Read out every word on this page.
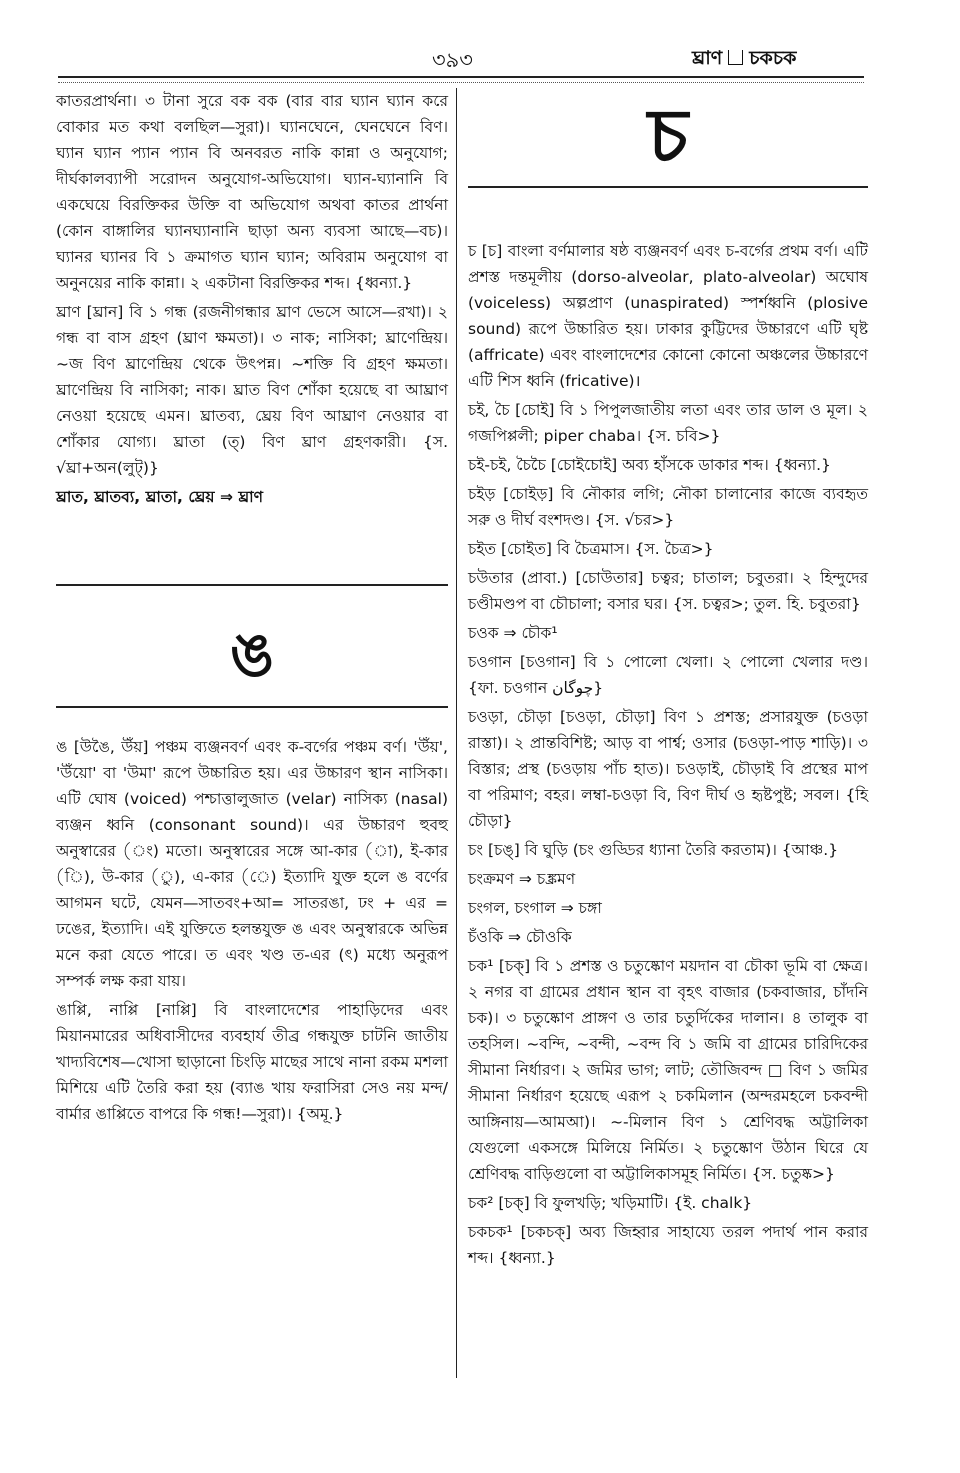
৩৯৩	ঘ্রাণ চকচক

কাতরপ্রার্থনা। ৩ টানা সুরে বক বক (বার বার ঘ্যান ঘ্যান করে বোকার মত কথা বলছিল—সুরা)। ঘ্যানঘেনে, ঘেনঘেনে বিণ। ঘ্যান ঘ্যান প্যান প্যান বি অনবরত নাকি কান্না ও অনুযোগ; দীর্ঘকালব্যাপী সরোদন অনুযোগ-অভিযোগ। ঘ্যান-ঘ্যানানি বি একঘেয়ে বিরক্তিকর উক্তি বা অভিযোগ অথবা কাতর প্রার্থনা (কোন বাঙ্গালির ঘ্যানঘ্যানানি ছাড়া অন্য ব্যবসা আছে—বচ)। ঘ্যানর ঘ্যানর বি ১ ক্রমাগত ঘ্যান ঘ্যান; অবিরাম অনুযোগ বা অনুনয়ের নাকি কান্না। ২ একটানা বিরক্তিকর শব্দ। {ধ্বন্যা.}

ঘ্রাণ [ঘ্রান] বি ১ গন্ধ (রজনীগন্ধার ঘ্রাণ ভেসে আসে—রখা)। ২ গন্ধ বা বাস গ্রহণ (ঘ্রাণ ক্ষমতা)। ৩ নাক; নাসিকা; ঘ্রাণেন্দ্রিয়। ~জ বিণ ঘ্রাণেন্দ্রিয় থেকে উৎপন্ন। ~শক্তি বি গ্রহণ ক্ষমতা। ঘ্রাণেন্দ্রিয় বি নাসিকা; নাক। ঘ্রাত বিণ শোঁকা হয়েছে বা আঘ্রাণ নেওয়া হয়েছে এমন। ঘ্রাতব্য, ঘ্রেয় বিণ আঘ্রাণ নেওয়ার বা শোঁকার যোগ্য। ঘ্রাতা (ত্) বিণ ঘ্রাণ গ্রহণকারী। {স. √ঘ্রা+অন(লুট্)}

ঘ্রাত, ঘ্রাতব্য, ঘ্রাতা, ঘ্রেয় ⇒ ঘ্রাণ

ঙ

ঙ [উঙৈ, উঁয়] পঞ্চম ব্যঞ্জনবর্ণ এবং ক-বর্গের পঞ্চম বর্ণ। 'উঁয়', 'উঁয়ো' বা 'উমা' রূপে উচ্চারিত হয়। এর উচ্চারণ স্থান নাসিকা। এটি ঘোষ (voiced) পশ্চাত্তালুজাত (velar) নাসিক্য (nasal) ব্যঞ্জন ধ্বনি (consonant sound)। এর উচ্চারণ হুবহু অনুস্বারের (ং) মতো। অনুস্বারের সঙ্গে আ-কার (া), ই-কার (ি), উ-কার (ু), এ-কার (ে) ইত্যাদি যুক্ত হলে ঙ বর্ণের আগমন ঘটে, যেমন—সাতবং+আ= সাতরঙা, ঢং + এর = ঢঙের, ইত্যাদি। এই যুক্তিতে হলন্তযুক্ত ঙ এবং অনুস্বারকে অভিন্ন মনে করা যেতে পারে। ত এবং খণ্ড ত-এর (ৎ) মধ্যে অনুরূপ সম্পর্ক লক্ষ করা যায়।

ঙাপ্পি, নাপ্পি [নাপ্পি] বি বাংলাদেশের পাহাড়িদের এবং মিয়ানমারের অধিবাসীদের ব্যবহার্য তীব্র গন্ধযুক্ত চাটনি জাতীয় খাদ্যবিশেষ—খোসা ছাড়ানো চিংড়ি মাছের সাথে নানা রকম মশলা মিশিয়ে এটি তৈরি করা হয় (ব্যাঙ খায় ফরাসিরা সেও নয় মন্দ/ বার্মার ঙাপ্পিতে বাপরে কি গন্ধ!—সুরা)। {অমূ.}

চ

চ [চ] বাংলা বর্ণমালার ষষ্ঠ ব্যঞ্জনবর্ণ এবং চ-বর্গের প্রথম বর্ণ। এটি প্রশস্ত দন্তমূলীয় (dorso-alveolar, plato-alveolar) অঘোষ (voiceless) অল্পপ্রাণ (unaspirated) স্পর্শধ্বনি (plosive sound) রূপে উচ্চারিত হয়। ঢাকার কুট্টিদের উচ্চারণে এটি ঘৃষ্ট (affricate) এবং বাংলাদেশের কোনো কোনো অঞ্চলের উচ্চারণে এটি শিস ধ্বনি (fricative)।

চই, চৈ [চোই] বি ১ পিপুলজাতীয় লতা এবং তার ডাল ও মূল। ২ গজপিপ্পলী; piper chaba। {স. চবি>}

চই-চই, চৈচৈ [চোইচোই] অব্য হাঁসকে ডাকার শব্দ। {ধ্বন্যা.}

চইড় [চোইড়] বি নৌকার লগি; নৌকা চালানোর কাজে ব্যবহৃত সরু ও দীর্ঘ বংশদণ্ড। {স. √চর>}

চইত [চোইত] বি চৈত্রমাস। {স. চৈত্র>}

চউতার (প্রাবা.) [চোউতার] চত্বর; চাতাল; চবুতরা। ২ হিন্দুদের চণ্ডীমণ্ডপ বা চৌচালা; বসার ঘর। {স. চত্বর>; তুল. হি. চবুতরা}

চওক ⇒ চৌক¹

চওগান [চওগান] বি ১ পোলো খেলা। ২ পোলো খেলার দণ্ড। {ফা. চওগান چوگان}

চওড়া, চৌড়া [চওড়া, চৌড়া] বিণ ১ প্রশস্ত; প্রসারযুক্ত (চওড়া রাস্তা)। ২ প্রান্তবিশিষ্ট; আড় বা পার্শ্ব; ওসার (চওড়া-পাড় শাড়ি)। ৩ বিস্তার; প্রস্থ (চওড়ায় পাঁচ হাত)। চওড়াই, চৌড়াই বি প্রস্থের মাপ বা পরিমাণ; বহর। লম্বা-চওড়া বি, বিণ দীর্ঘ ও হৃষ্টপুষ্ট; সবল। {হি চৌড়া}

চং [চঙ্] বি ঘুড়ি (চং গুড্ডির ধ্যানা তৈরি করতাম)। {আঞ্চ.}

চংক্রমণ ⇒ চঙ্ক্রমণ

চংগল, চংগাল ⇒ চঙ্গা

চঁওকি ⇒ চৌওকি

চক¹ [চক্] বি ১ প্রশস্ত ও চতুষ্কোণ ময়দান বা চৌকা ভূমি বা ক্ষেত্র। ২ নগর বা গ্রামের প্রধান স্থান বা বৃহৎ বাজার (চকবাজার, চাঁদনি চক)। ৩ চতুষ্কোণ প্রাঙ্গণ ও তার চতুর্দিকের দালান। ৪ তালুক বা তহসিল। ~বন্দি, ~বন্দী, ~বন্দ বি ১ জমি বা গ্রামের চারিদিকের সীমানা নির্ধারণ। ২ জমির ভাগ; লাট; তৌজিবন্দ □ বিণ ১ জমির সীমানা নির্ধারণ হয়েছে এরূপ ২ চকমিলান (অন্দরমহলে চকবন্দী আঙ্গিনায়—আমআ)। ~-মিলান বিণ ১ শ্রেণিবদ্ধ অট্টালিকা যেগুলো একসঙ্গে মিলিয়ে নির্মিত। ২ চতুষ্কোণ উঠান ঘিরে যে শ্রেণিবদ্ধ বাড়িগুলো বা অট্টালিকাসমূহ নির্মিত। {স. চতুষ্ক>}

চক² [চক্] বি ফুলখড়ি; খড়িমাটি। {ই. chalk}

চকচক¹ [চকচক্] অব্য জিহ্বার সাহায্যে তরল পদার্থ পান করার শব্দ। {ধ্বন্যা.}
